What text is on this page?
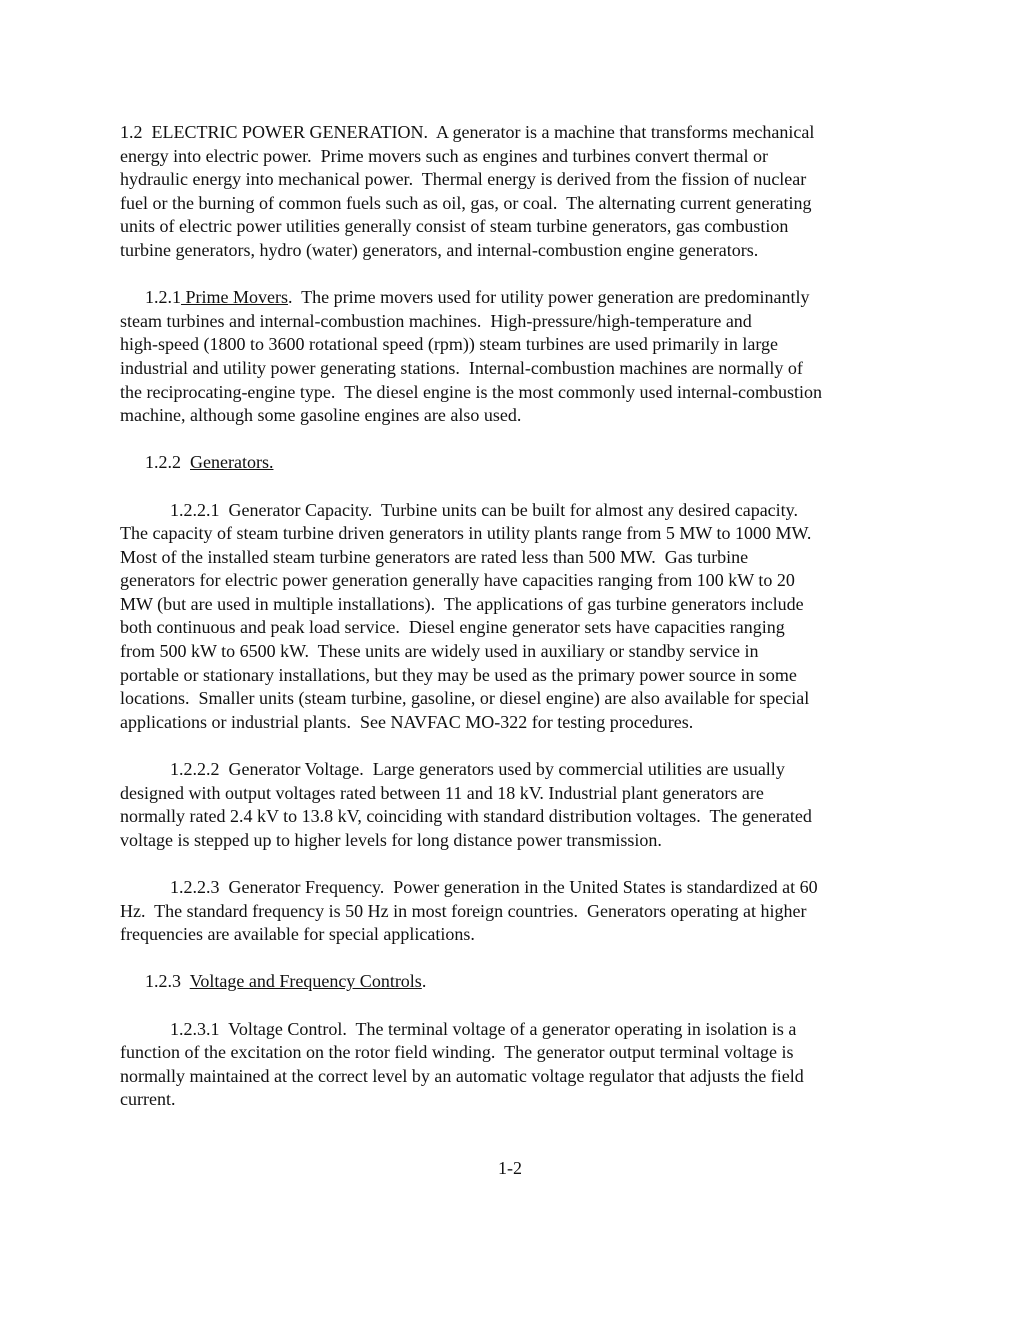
1.2  ELECTRIC POWER GENERATION.  A generator is a machine that transforms mechanical
energy into electric power.  Prime movers such as engines and turbines convert thermal or
hydraulic energy into mechanical power.  Thermal energy is derived from the fission of nuclear
fuel or the burning of common fuels such as oil, gas, or coal.  The alternating current generating
units of electric power utilities generally consist of steam turbine generators, gas combustion
turbine generators, hydro (water) generators, and internal-combustion engine generators.
1.2.1 Prime Movers.  The prime movers used for utility power generation are predominantly
steam turbines and internal-combustion machines.  High-pressure/high-temperature and
high-speed (1800 to 3600 rotational speed (rpm)) steam turbines are used primarily in large
industrial and utility power generating stations.  Internal-combustion machines are normally of
the reciprocating-engine type.  The diesel engine is the most commonly used internal-combustion
machine, although some gasoline engines are also used.
1.2.2  Generators.
1.2.2.1  Generator Capacity.  Turbine units can be built for almost any desired capacity.
The capacity of steam turbine driven generators in utility plants range from 5 MW to 1000 MW.
Most of the installed steam turbine generators are rated less than 500 MW.  Gas turbine
generators for electric power generation generally have capacities ranging from 100 kW to 20
MW (but are used in multiple installations).  The applications of gas turbine generators include
both continuous and peak load service.  Diesel engine generator sets have capacities ranging
from 500 kW to 6500 kW.  These units are widely used in auxiliary or standby service in
portable or stationary installations, but they may be used as the primary power source in some
locations.  Smaller units (steam turbine, gasoline, or diesel engine) are also available for special
applications or industrial plants.  See NAVFAC MO-322 for testing procedures.
1.2.2.2  Generator Voltage.  Large generators used by commercial utilities are usually
designed with output voltages rated between 11 and 18 kV. Industrial plant generators are
normally rated 2.4 kV to 13.8 kV, coinciding with standard distribution voltages.  The generated
voltage is stepped up to higher levels for long distance power transmission.
1.2.2.3  Generator Frequency.  Power generation in the United States is standardized at 60
Hz.  The standard frequency is 50 Hz in most foreign countries.  Generators operating at higher
frequencies are available for special applications.
1.2.3  Voltage and Frequency Controls.
1.2.3.1  Voltage Control.  The terminal voltage of a generator operating in isolation is a
function of the excitation on the rotor field winding.  The generator output terminal voltage is
normally maintained at the correct level by an automatic voltage regulator that adjusts the field
current.
1-2
